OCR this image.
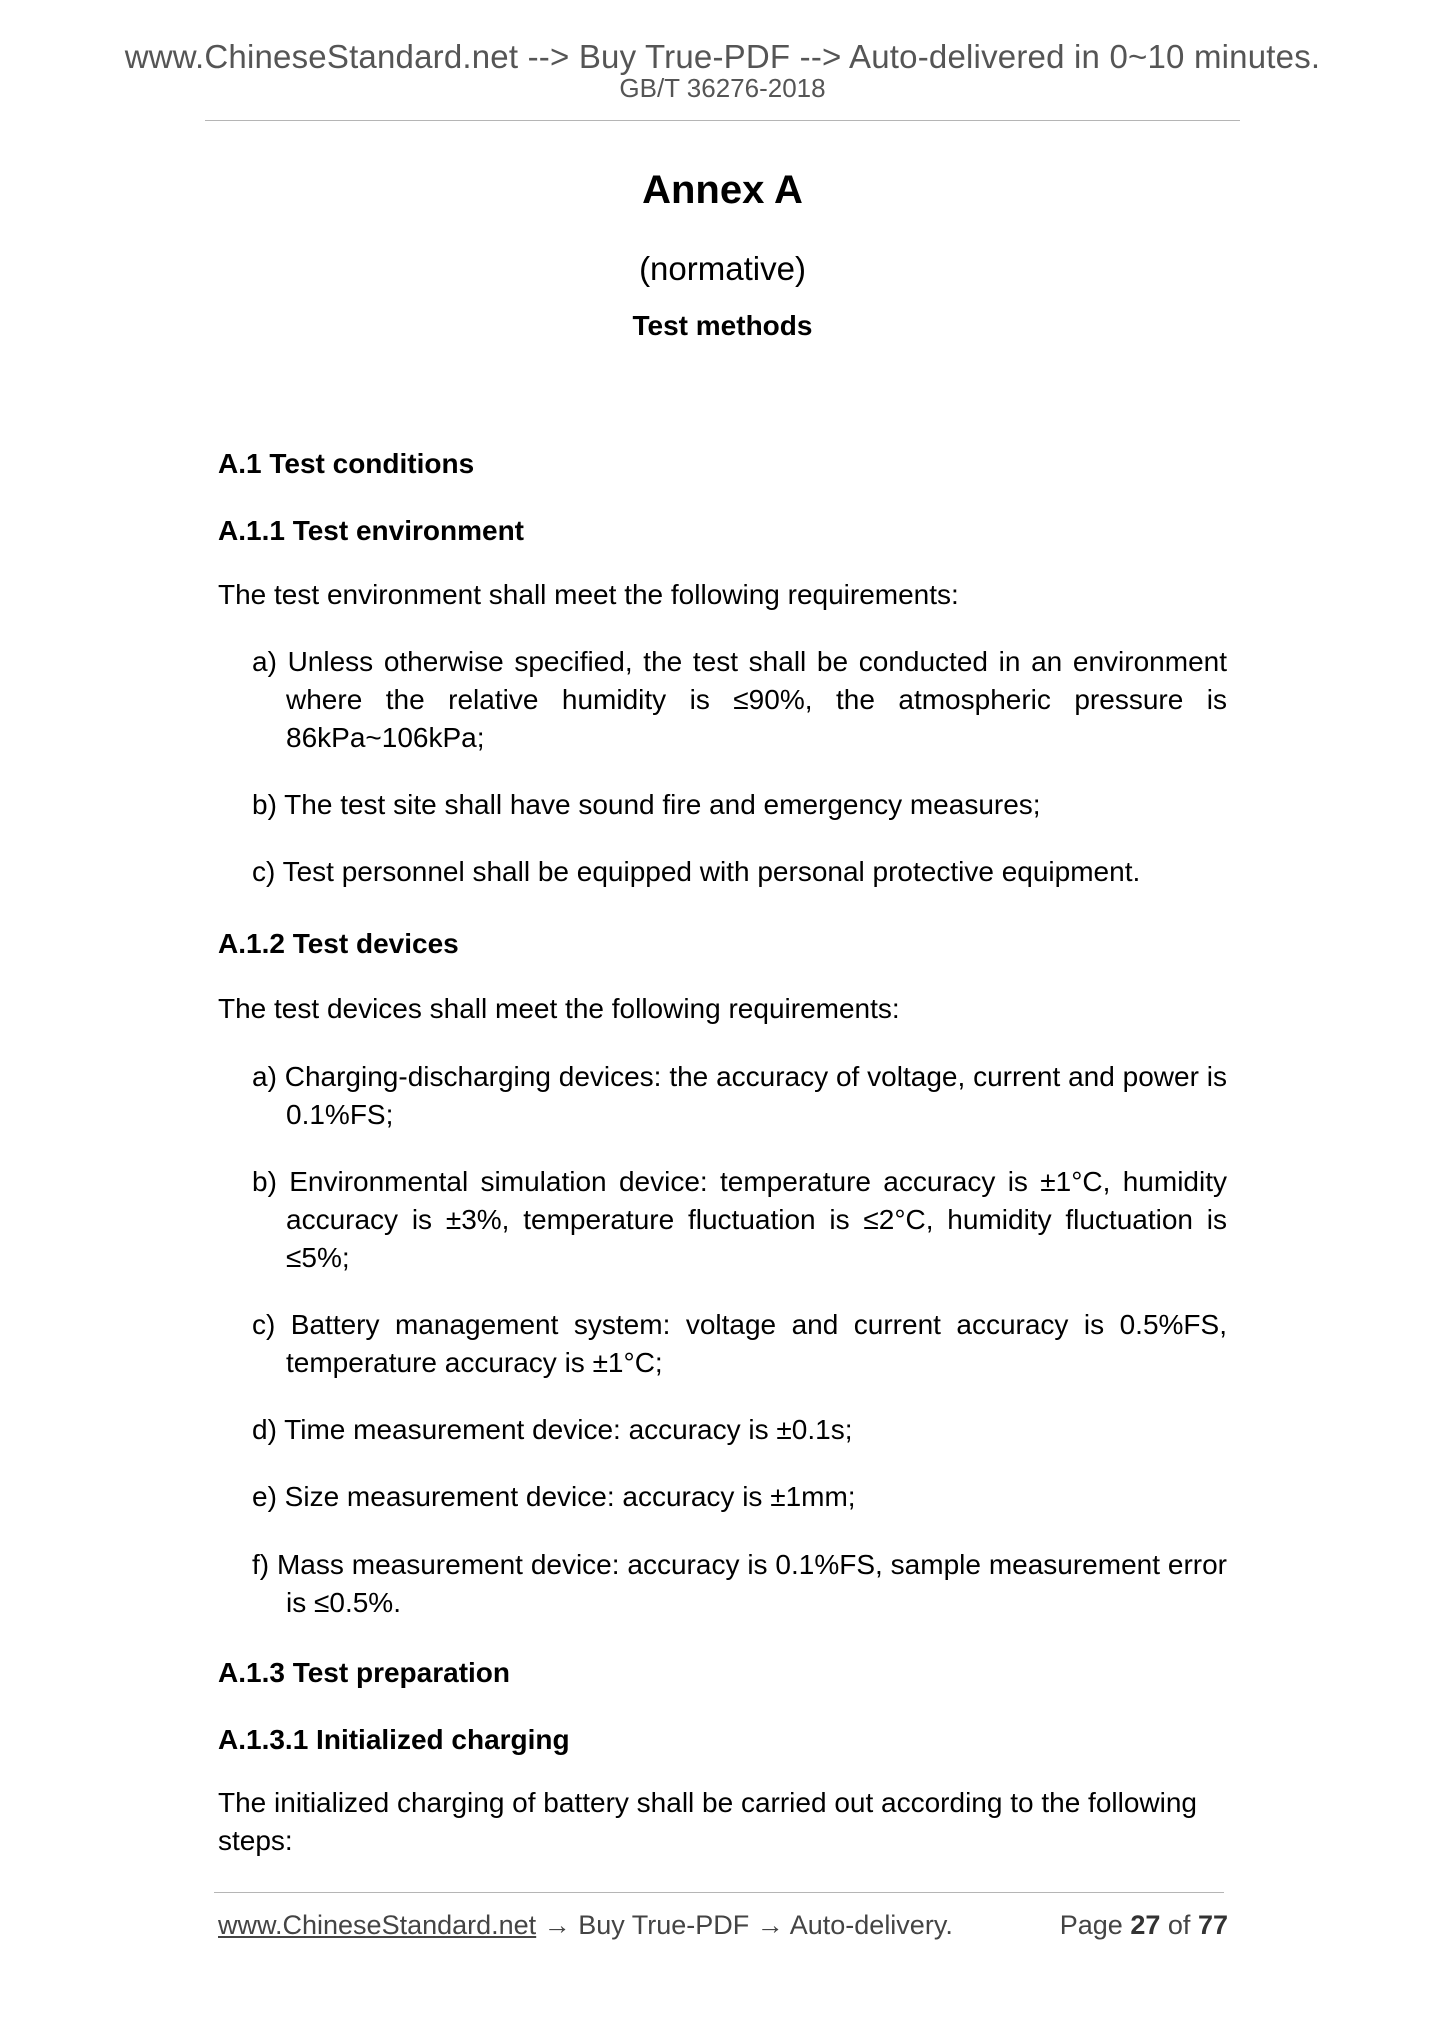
www.ChineseStandard.net --> Buy True-PDF --> Auto-delivered in 0~10 minutes.
GB/T 36276-2018
Annex A
(normative)
Test methods
A.1 Test conditions
A.1.1 Test environment
The test environment shall meet the following requirements:
a) Unless otherwise specified, the test shall be conducted in an environment where the relative humidity is ≤90%, the atmospheric pressure is 86kPa~106kPa;
b) The test site shall have sound fire and emergency measures;
c) Test personnel shall be equipped with personal protective equipment.
A.1.2 Test devices
The test devices shall meet the following requirements:
a) Charging-discharging devices: the accuracy of voltage, current and power is 0.1%FS;
b) Environmental simulation device: temperature accuracy is ±1°C, humidity accuracy is ±3%, temperature fluctuation is ≤2°C, humidity fluctuation is ≤5%;
c) Battery management system: voltage and current accuracy is 0.5%FS, temperature accuracy is ±1°C;
d) Time measurement device: accuracy is ±0.1s;
e) Size measurement device: accuracy is ±1mm;
f) Mass measurement device: accuracy is 0.1%FS, sample measurement error is ≤0.5%.
A.1.3 Test preparation
A.1.3.1 Initialized charging
The initialized charging of battery shall be carried out according to the following steps:
www.ChineseStandard.net → Buy True-PDF → Auto-delivery.	Page 27 of 77
